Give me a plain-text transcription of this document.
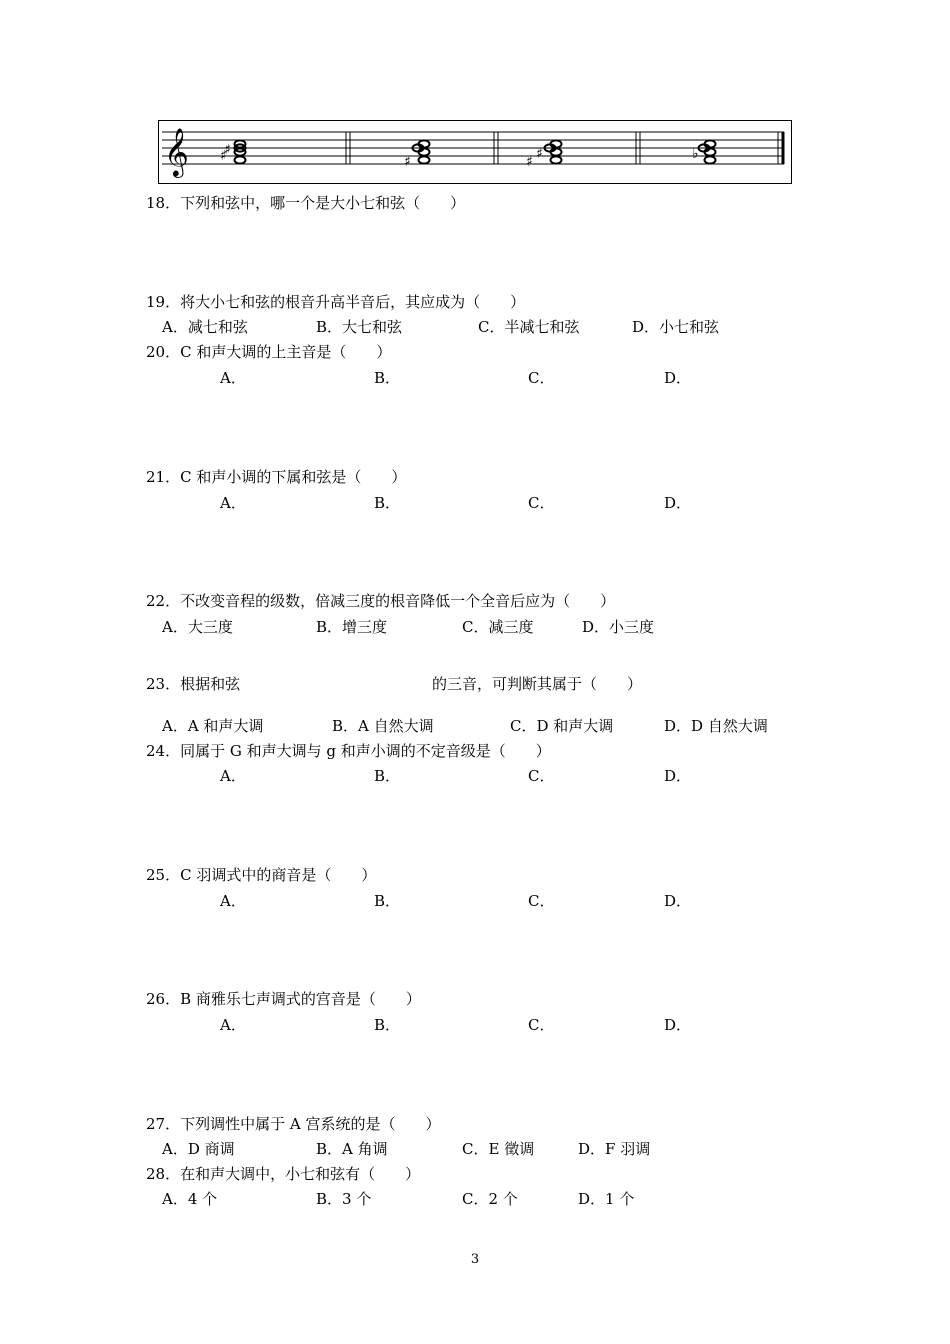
𝄞 ♯
♯
♯	♯ ♯	♭
18．下列和弦中，哪一个是大小七和弦（　　）
19．将大小七和弦的根音升高半音后，其应成为（　　）
A．减七和弦	B．大七和弦	C．半减七和弦	D．小七和弦
20．C 和声大调的上主音是（　　）
A．	B．	C．	D．
21．C 和声小调的下属和弦是（　　）
A．	B．	C．	D．
22．不改变音程的级数，倍减三度的根音降低一个全音后应为（　　）
A．大三度	B．增三度	C．减三度	D．小三度
23．根据和弦	的三音，可判断其属于（　　）
A．A 和声大调	B．A 自然大调	C．D 和声大调	D．D 自然大调
24．同属于 G 和声大调与 g 和声小调的不定音级是（　　）
A．	B．	C．	D．
25．C 羽调式中的商音是（　　）
A．	B．	C．	D．
26．B 商雅乐七声调式的宫音是（　　）
A．	B．	C．	D．
27．下列调性中属于 A 宫系统的是（　　）
A．D 商调	B．A 角调	C．E 徵调	D．F 羽调
28．在和声大调中，小七和弦有（　　）
A．4 个	B．3 个	C．2 个	D．1 个
3
